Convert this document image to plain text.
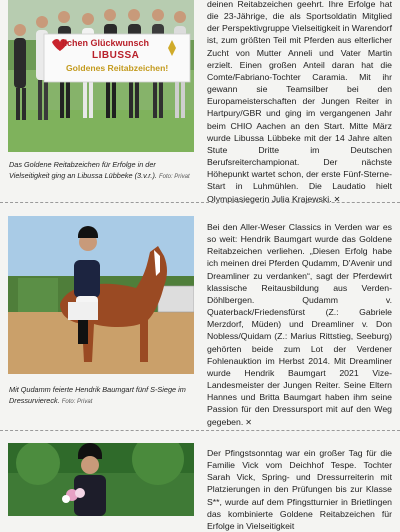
lichen Glückwunsch
LIBUSSA
Goldenes Reitabzeichen!
Das Goldene Reitabzeichen für Erfolge in der Vielseitigkeit ging an Libussa Lübbeke (3.v.r.). Foto: Privat
deinen Reitabzeichen geehrt. Ihre Erfolge hat die 23-Jährige, die als Sportsoldatin Mitglied der Perspektivgruppe Vielseitigkeit in Warendorf ist, zum größten Teil mit Pferden aus elterlicher Zucht von Mutter Anneli und Vater Martin erzielt. Einen großen Anteil daran hat die Comte/Fabriano-Tochter Caramia. Mit ihr gewann sie Teamsilber bei den Europameisterschaften der Jungen Reiter in Hartpury/GBR und ging im vergangenen Jahr beim CHIO Aachen an den Start. Mitte März wurde Libussa Lübbeke mit der 14 Jahre alten Stute Dritte im Deutschen Berufsreiterchampionat. Der nächste Höhepunkt wartet schon, der erste Fünf-Sterne-Start in Luhmühlen. Die Laudatio hielt Olympiasiegerin Julia Krajewski. ✕
Mit Qudamm feierte Hendrik Baumgart fünf S-Siege im Dressurviereck. Foto: Privat
Bei den Aller-Weser Classics in Verden war es so weit: Hendrik Baumgart wurde das Goldene Reitabzeichen verliehen. „Diesen Erfolg habe ich meinen drei Pferden Qudamm, D'Avenir und Dreamliner zu verdanken“, sagt der Pferdewirt klassische Reitausbildung aus Verden-Döhlbergen. Qudamm v. Quaterback/Friedensfürst (Z.: Gabriele Merzdorf, Müden) und Dreamliner v. Don Nobless/Quidam (Z.: Marius Rittstieg, Seeburg) gehörten beide zum Lot der Verdener Fohlenauktion im Herbst 2014. Mit Dreamliner wurde Hendrik Baumgart 2021 Vize-Landesmeister der Jungen Reiter. Seine Eltern Hannes und Britta Baumgart haben ihm seine Passion für den Dressursport mit auf den Weg gegeben. ✕
Der Pfingstsonntag war ein großer Tag für die Familie Vick vom Deichhof Tespe. Tochter Sarah Vick, Spring- und Dressurreiterin mit Platzierungen in den Prüfungen bis zur Klasse S**, wurde auf dem Pfingstturnier in Brietlingen das kombinierte Goldene Reitabzeichen für Erfolge in Vielseitigkeit
